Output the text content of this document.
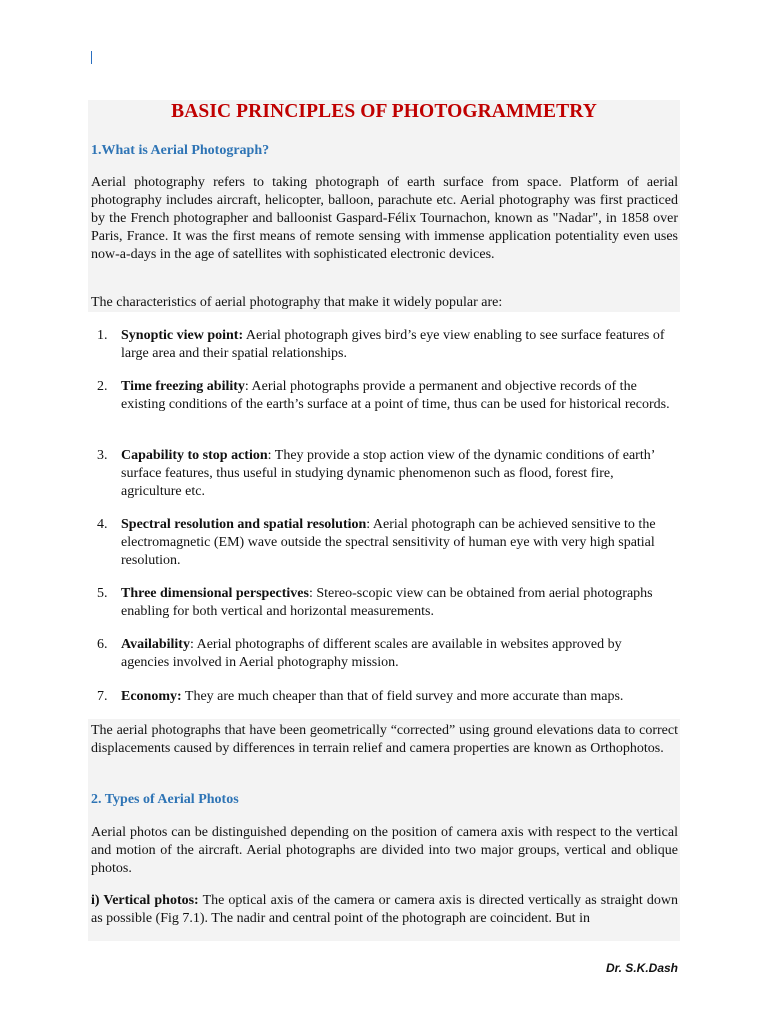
BASIC PRINCIPLES OF PHOTOGRAMMETRY
1.What is Aerial Photograph?

Aerial photography refers to taking photograph of earth surface from space. Platform of aerial photography includes aircraft, helicopter, balloon, parachute etc. Aerial photography was first practiced by the French photographer and balloonist Gaspard-Félix Tournachon, known as "Nadar", in 1858 over Paris, France. It was the first means of remote sensing with immense application potentiality even uses now-a-days in the age of satellites with sophisticated electronic devices.

The characteristics of aerial photography that make it widely popular are:

1. Synoptic view point: Aerial photograph gives bird’s eye view enabling to see surface features of large area and their spatial relationships.
2. Time freezing ability: Aerial photographs provide a permanent and objective records of the existing conditions of the earth’s surface at a point of time, thus can be used for historical records.
3. Capability to stop action: They provide a stop action view of the dynamic conditions of earth’ surface features, thus useful in studying dynamic phenomenon such as flood, forest fire, agriculture etc.
4. Spectral resolution and spatial resolution: Aerial photograph can be achieved sensitive to the electromagnetic (EM) wave outside the spectral sensitivity of human eye with very high spatial resolution.
5. Three dimensional perspectives: Stereo-scopic view can be obtained from aerial photographs enabling for both vertical and horizontal measurements.
6. Availability: Aerial photographs of different scales are available in websites approved by agencies involved in Aerial photography mission.
7. Economy: They are much cheaper than that of field survey and more accurate than maps.

The aerial photographs that have been geometrically “corrected” using ground elevations data to correct displacements caused by differences in terrain relief and camera properties are known as Orthophotos.

2. Types of Aerial Photos

Aerial photos can be distinguished depending on the position of camera axis with respect to the vertical and motion of the aircraft. Aerial photographs are divided into two major groups, vertical and oblique photos.

i) Vertical photos: The optical axis of the camera or camera axis is directed vertically as straight down as possible (Fig 7.1). The nadir and central point of the photograph are coincident. But in

Dr. S.K.Dash
